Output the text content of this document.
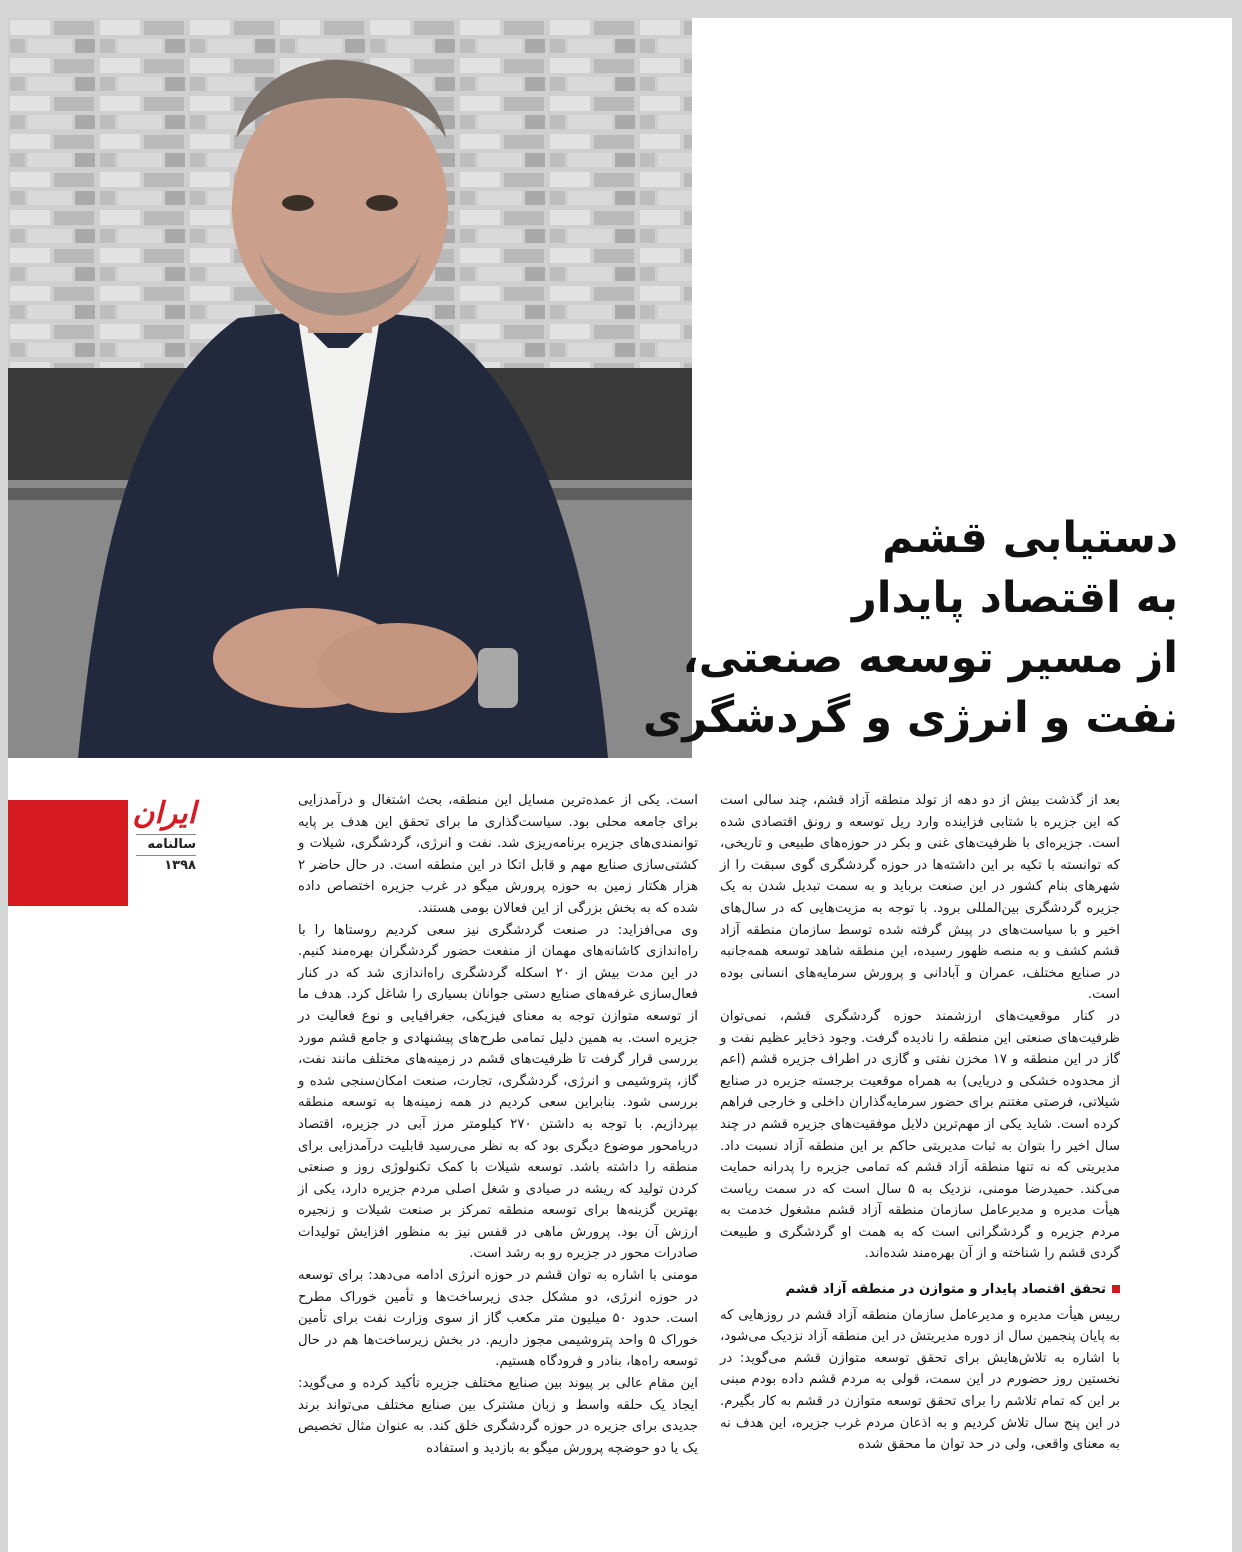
دستیابی قشم
به اقتصاد پایدار
از مسیر توسعه صنعتی،
نفت و انرژی و گردشگری
ایران
سالنامه
۱۳۹۸

بعد از گذشت بیش از دو دهه از تولد منطقه آزاد قشم، چند سالی است که این جزیره با شتابی فزاینده وارد ریل توسعه و رونق اقتصادی شده است. جزیره‌ای با ظرفیت‌های غنی و بکر در حوزه‌های طبیعی و تاریخی، که توانسته با تکیه بر این داشته‌ها در حوزه گردشگری گوی سبقت را از شهرهای بنام کشور در این صنعت برباید و به سمت تبدیل شدن به یک جزیره گردشگری بین‌المللی برود. با توجه به مزیت‌هایی که در سال‌های اخیر و با سیاست‌های در پیش گرفته شده توسط سازمان منطقه آزاد قشم کشف و به منصه ظهور رسیده، این منطقه شاهد توسعه همه‌جانبه در صنایع مختلف، عمران و آبادانی و پرورش سرمایه‌های انسانی بوده است.

در کنار موقعیت‌های ارزشمند حوزه گردشگری قشم، نمی‌توان ظرفیت‌های صنعتی این منطقه را نادیده گرفت. وجود ذخایر عظیم نفت و گاز در این منطقه و ۱۷ مخزن نفتی و گازی در اطراف جزیره قشم (اعم از محدوده خشکی و دریایی) به همراه موقعیت برجسته جزیره در صنایع شیلاتی، فرصتی مغتنم برای حضور سرمایه‌گذاران داخلی و خارجی فراهم کرده است. شاید یکی از مهم‌ترین دلایل موفقیت‌های جزیره قشم در چند سال اخیر را بتوان به ثبات مدیریتی حاکم بر این منطقه آزاد نسبت داد. مدیریتی که نه تنها منطقه آزاد قشم که تمامی جزیره را پدرانه حمایت می‌کند. حمیدرضا مومنی، نزدیک به ۵ سال است که در سمت ریاست هیأت مدیره و مدیرعامل سازمان منطقه آزاد قشم مشغول خدمت به مردم جزیره و گردشگرانی است که به همت او گردشگری و طبیعت گردی قشم را شناخته و از آن بهره‌مند شده‌اند.

تحقق اقتصاد پایدار و متوازن در منطقه آزاد قشم

رییس هیأت مدیره و مدیرعامل سازمان منطقه آزاد قشم در روزهایی که به پایان پنجمین سال از دوره مدیریتش در این منطقه آزاد نزدیک می‌شود، با اشاره به تلاش‌هایش برای تحقق توسعه متوازن قشم می‌گوید: در نخستین روز حضورم در این سمت، قولی به مردم قشم داده بودم مبنی بر این که تمام تلاشم را برای تحقق توسعه متوازن در قشم به کار بگیرم. در این پنج سال تلاش کردیم و به اذعان مردم غرب جزیره، این هدف نه به معنای واقعی، ولی در حد توان ما محقق شده

است. یکی از عمده‌ترین مسایل این منطقه، بحث اشتغال و درآمدزایی برای جامعه محلی بود. سیاست‌گذاری ما برای تحقق این هدف بر پایه توانمندی‌های جزیره برنامه‌ریزی شد. نفت و انرژی، گردشگری، شیلات و کشتی‌سازی صنایع مهم و قابل اتکا در این منطقه است. در حال حاضر ۲ هزار هکتار زمین به حوزه پرورش میگو در غرب جزیره اختصاص داده شده که به بخش بزرگی از این فعالان بومی هستند.

وی می‌افزاید: در صنعت گردشگری نیز سعی کردیم روستاها را با راه‌اندازی کاشانه‌های مهمان از منفعت حضور گردشگران بهره‌مند کنیم. در این مدت بیش از ۲۰ اسکله گردشگری راه‌اندازی شد که در کنار فعال‌سازی غرفه‌های صنایع دستی جوانان بسیاری را شاغل کرد. هدف ما از توسعه متوازن توجه به معنای فیزیکی، جغرافیایی و نوع فعالیت در جزیره است. به همین دلیل تمامی طرح‌های پیشنهادی و جامع قشم مورد بررسی قرار گرفت تا ظرفیت‌های قشم در زمینه‌های مختلف مانند نفت، گاز، پتروشیمی و انرژی، گردشگری، تجارت، صنعت امکان‌سنجی شده و بررسی شود. بنابراین سعی کردیم در همه زمینه‌ها به توسعه منطقه بپردازیم. با توجه به داشتن ۲۷۰ کیلومتر مرز آبی در جزیره، اقتصاد دریامحور موضوع دیگری بود که به نظر می‌رسید قابلیت درآمدزایی برای منطقه را داشته باشد. توسعه شیلات با کمک تکنولوژی روز و صنعتی کردن تولید که ریشه در صیادی و شغل اصلی مردم جزیره دارد، یکی از بهترین گزینه‌ها برای توسعه منطقه تمرکز بر صنعت شیلات و زنجیره ارزش آن بود. پرورش ماهی در قفس نیز به منظور افزایش تولیدات صادرات محور در جزیره رو به رشد است.

مومنی با اشاره به توان قشم در حوزه انرژی ادامه می‌دهد: برای توسعه در حوزه انرژی، دو مشکل جدی زیرساخت‌ها و تأمین خوراک مطرح است. حدود ۵۰ میلیون متر مکعب گاز از سوی وزارت نفت برای تأمین خوراک ۵ واحد پتروشیمی مجوز داریم. در بخش زیرساخت‌ها هم در حال توسعه راه‌ها، بنادر و فرودگاه هستیم.

این مقام عالی بر پیوند بین صنایع مختلف جزیره تأکید کرده و می‌گوید: ایجاد یک حلقه واسط و زبان مشترک بین صنایع مختلف می‌تواند برند جدیدی برای جزیره در حوزه گردشگری خلق کند. به عنوان مثال تخصیص یک یا دو حوضچه پرورش میگو به بازدید و استفاده
